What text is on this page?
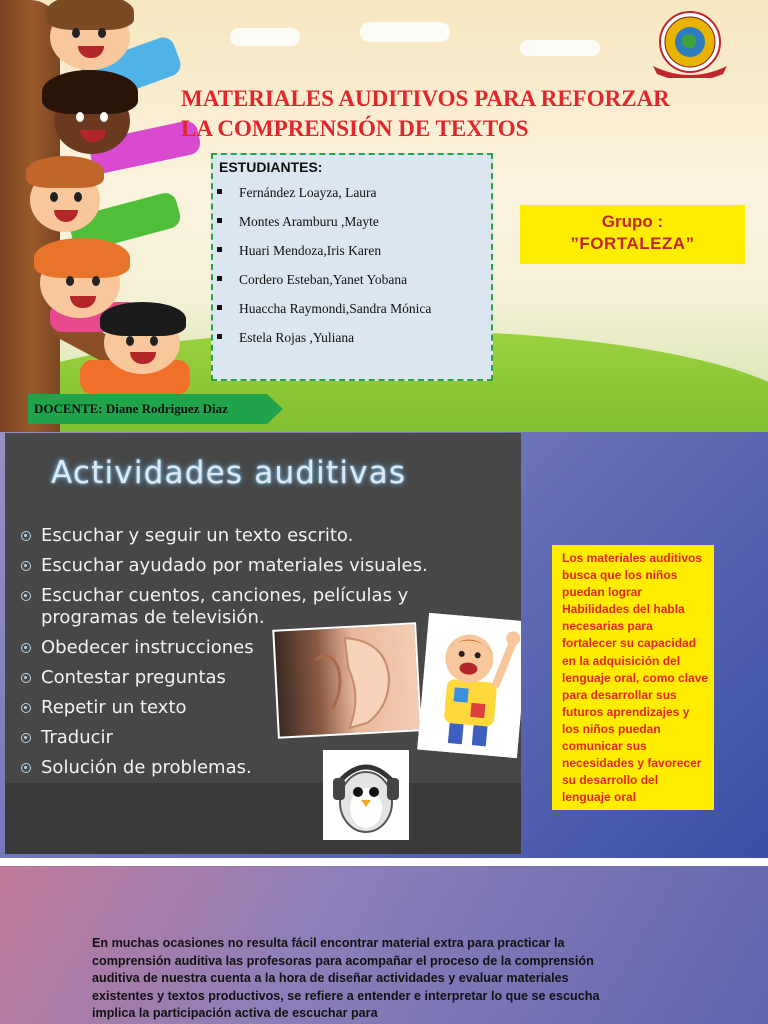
MATERIALES AUDITIVOS PARA REFORZAR
LA COMPRENSIÓN DE TEXTOS
ESTUDIANTES:
Fernández Loayza, Laura
Montes Aramburu ,Mayte
Huari Mendoza,Iris Karen
Cordero Esteban,Yanet Yobana
Huaccha Raymondi,Sandra Mónica
Estela Rojas ,Yuliana
Grupo :
”FORTALEZA”
DOCENTE: Diane Rodriguez Diaz
Actividades auditivas
Escuchar y seguir un texto escrito.
Escuchar ayudado por materiales visuales.
Escuchar cuentos, canciones, películas y programas de televisión.
Obedecer instrucciones
Contestar preguntas
Repetir un texto
Traducir
Solución de problemas.

Los materiales auditivos busca que los niños puedan lograr Habilidades del habla necesarias para fortalecer su capacidad en la adquisición del lenguaje oral, como clave para desarrollar sus futuros aprendizajes y los niños puedan comunicar sus necesidades y favorecer su desarrollo del lenguaje oral

En muchas ocasiones no resulta fácil encontrar material extra para practicar la comprensión auditiva las profesoras para acompañar el proceso de la comprensión auditiva de nuestra cuenta a la hora de diseñar actividades y evaluar materiales existentes y textos productivos, se refiere a entender e interpretar lo que se escucha implica la participación activa de escuchar para
